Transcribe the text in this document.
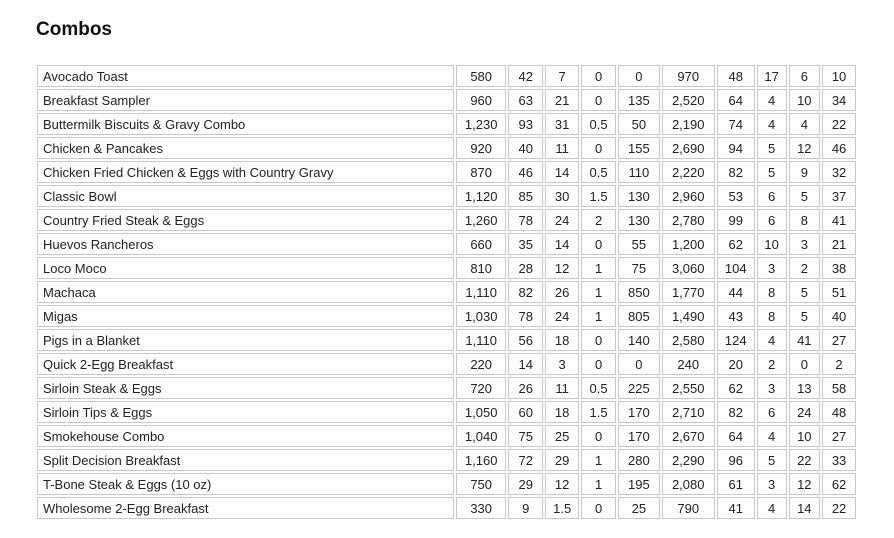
Combos
Avocado Toast	580	42	7	0	0	970	48	17	6	10
Breakfast Sampler	960	63	21	0	135	2,520	64	4	10	34
Buttermilk Biscuits & Gravy Combo	1,230	93	31	0.5	50	2,190	74	4	4	22
Chicken & Pancakes	920	40	11	0	155	2,690	94	5	12	46
Chicken Fried Chicken & Eggs with Country Gravy	870	46	14	0.5	110	2,220	82	5	9	32
Classic Bowl	1,120	85	30	1.5	130	2,960	53	6	5	37
Country Fried Steak & Eggs	1,260	78	24	2	130	2,780	99	6	8	41
Huevos Rancheros	660	35	14	0	55	1,200	62	10	3	21
Loco Moco	810	28	12	1	75	3,060	104	3	2	38
Machaca	1,110	82	26	1	850	1,770	44	8	5	51
Migas	1,030	78	24	1	805	1,490	43	8	5	40
Pigs in a Blanket	1,110	56	18	0	140	2,580	124	4	41	27
Quick 2-Egg Breakfast	220	14	3	0	0	240	20	2	0	2
Sirloin Steak & Eggs	720	26	11	0.5	225	2,550	62	3	13	58
Sirloin Tips & Eggs	1,050	60	18	1.5	170	2,710	82	6	24	48
Smokehouse Combo	1,040	75	25	0	170	2,670	64	4	10	27
Split Decision Breakfast	1,160	72	29	1	280	2,290	96	5	22	33
T-Bone Steak & Eggs (10 oz)	750	29	12	1	195	2,080	61	3	12	62
Wholesome 2-Egg Breakfast	330	9	1.5	0	25	790	41	4	14	22
